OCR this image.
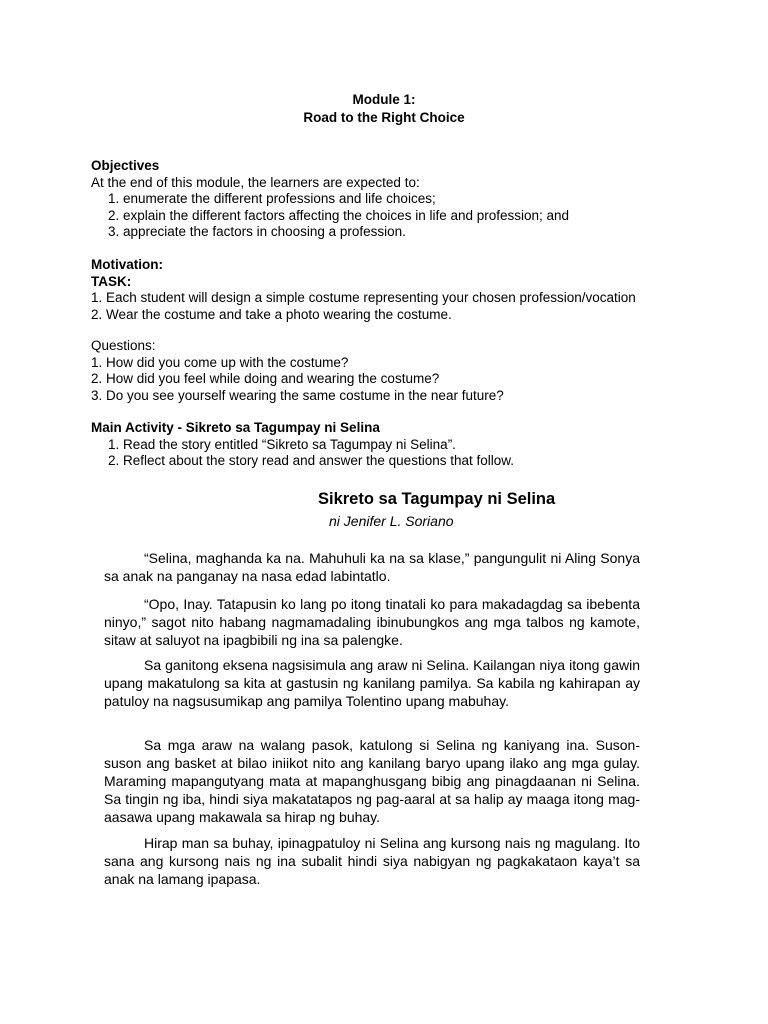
Module 1:
Road to the Right Choice
Objectives
At the end of this module, the learners are expected to:
1. enumerate the different professions and life choices;
2. explain the different factors affecting the choices in life and profession; and
3. appreciate the factors in choosing a profession.
Motivation:
TASK:
1. Each student will design a simple costume representing your chosen profession/vocation
2. Wear the costume and take a photo wearing the costume.
Questions:
1. How did you come up with the costume?
2. How did you feel while doing and wearing the costume?
3. Do you see yourself wearing the same costume in the near future?
Main Activity - Sikreto sa Tagumpay ni Selina
1. Read the story entitled “Sikreto sa Tagumpay ni Selina”.
2. Reflect about the story read and answer the questions that follow.
Sikreto sa Tagumpay ni Selina
ni Jenifer L. Soriano
“Selina, maghanda ka na. Mahuhuli ka na sa klase,” pangungulit ni Aling Sonya sa anak na panganay na nasa edad labintatlo.
“Opo, Inay. Tatapusin ko lang po itong tinatali ko para makadagdag sa ibebenta ninyo,” sagot nito habang nagmamadaling ibinubungkos ang mga talbos ng kamote, sitaw at saluyot na ipagbibili ng ina sa palengke.
Sa ganitong eksena nagsisimula ang araw ni Selina. Kailangan niya itong gawin upang makatulong sa kita at gastusin ng kanilang pamilya. Sa kabila ng kahirapan ay patuloy na nagsusumikap ang pamilya Tolentino upang mabuhay.
Sa mga araw na walang pasok, katulong si Selina ng kaniyang ina. Suson-suson ang basket at bilao iniikot nito ang kanilang baryo upang ilako ang mga gulay. Maraming mapangutyang mata at mapanghusgang bibig ang pinagdaanan ni Selina. Sa tingin ng iba, hindi siya makatatapos ng pag-aaral at sa halip ay maaga itong mag-aasawa upang makawala sa hirap ng buhay.
Hirap man sa buhay, ipinagpatuloy ni Selina ang kursong nais ng magulang. Ito sana ang kursong nais ng ina subalit hindi siya nabigyan ng pagkakataon kaya’t sa anak na lamang ipapasa.
